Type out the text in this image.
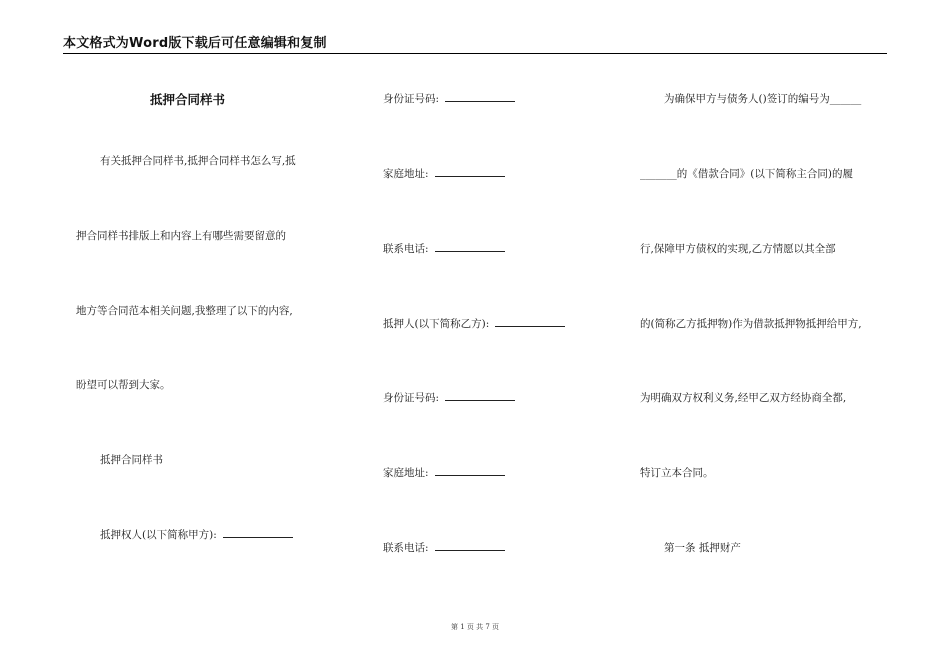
本文格式为Word版下载后可任意编辑和复制
抵押合同样书
有关抵押合同样书,抵押合同样书怎么写,抵
押合同样书排版上和内容上有哪些需要留意的
地方等合同范本相关问题,我整理了以下的内容,
盼望可以帮到大家。
抵押合同样书
抵押权人(以下简称甲方):
身份证号码:
家庭地址:
联系电话:
抵押人(以下简称乙方):
身份证号码:
家庭地址:
联系电话:
为确保甲方与债务人()签订的编号为______
_______的《借款合同》(以下简称主合同)的履
行,保障甲方债权的实现,乙方情愿以其全部
的(简称乙方抵押物)作为借款抵押物抵押给甲方,
为明确双方权利义务,经甲乙双方经协商全都,
特订立本合同。
第一条 抵押财产
第 1 页 共 7 页
